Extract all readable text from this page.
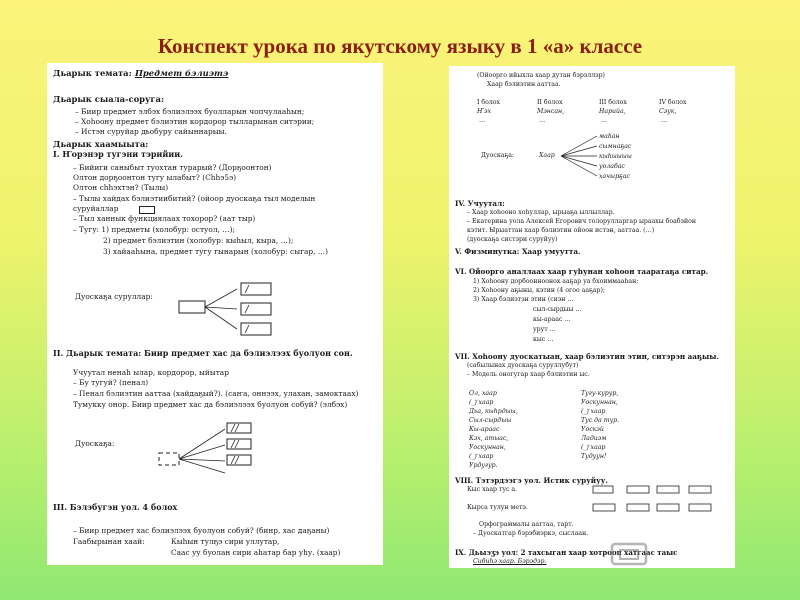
Конспект урока по якутскому языку в 1 «а» классе
Дьарык темата: Предмет бэлиэтэ
Дьарык сыала-соруга:
– Биир предмет элбэх бэлиэлээх буолларын чопчулааһын;
– Хоһоону предмет бэлиэтин кордорор тылларынан ситэрии;
– Истэн суруйар дьобуру сайыннарыы.
Дьарык хаамыыта:
I. Ҥорэнэр тугэни тэрийии.
– Бийиги саныбыт туохтан турарый? (Дорҕоонтон)
Олтон дорҕоонтон тугу ылабыт? (Сһһэ5э)
Олтон сһһэхтэн? (Тылы)
– Тылы хайдах бэлиэтиибитий? (ойоор дуоскаҕа тыл моделын
суруйаллар
– Тыл ханнык функциялаах тохорор? (аат тыр)
– Тугу: 1) предметы (холобур: остуол, …);
2) предмет бэлиэтин (холобур: кыһыл, кыра, …);
3) хайааһына, предмет тугу гынарын (холобур: сыгар, …)
Дуоскаҕа суруллар:
II. Дьарык темата: Биир предмет хас да бэлиэлээх буолуон сон.
Учуутал ненаһ ылар, кордорор, ыйытар
– Бу тугуй? (пенал)
– Пенал бэлиэтин ааттаа (хайдаҕый?). (саҥа, оннээх, улахан, замоктаах)
Тумукку онор. Биир предмет хас да бэлиэлээх буолуон собуй? (элбэх)
Дуоскаҕа:
III. Бэлэбугэн уол. 4 болох
– Биир предмет хас бэлиэлээх буолуон собуй? (бинр, хас даҕаны)
Гаабырынан хаай:	Кыһын тулҕэ сири уллутар,
Саас уу буолан сири аһатар бар уһу. (хаар)
(Ойоорго ийыхла хаар дутан бэрэллэр)
Хаар бэлиэтин ааттаа.
I болох	II болох	III болох	IV болох
Ҥэх	Мэнсан,	Нарийа,	Сэук,
…	…	…	…
Дуоскаҕа:	Хаар
маһан
сымнаҕас
кыһыыыы
уолабас
хачырҕас
IV. Учуутал:
– Хаар хоһооно хоһуллар, ырыаҕа ыллыллар.
– Екатерина уола Алексей Егорович толорулларгар ыраахы боабэйон
кэтит. Ырыаттан хаар бэлиэтин ойоон истэн, ааттаа. (…)
(дуоскаҕа систэри суруйуу)
V. Физминутка: Хаар умуутта.
VI. Ойоорго аналлаах хаар гуһунан хоһоон тааратаҕа ситар.
1) Хоһоону дорбоонноонох ааҕар уа бхоиммааһан;
2) Хоһоону аҕыны, кэтин (4 огоо ааҕар);
3) Хаар бэлиэтэн этин (сиэн …
сыл-сырдыы …
кы-араас …
урут …
кыс …
VII. Хоһоону дуоскатыан, хаар бэлиэтин этин, ситэрэн ааҕыы.
(сабылынах дуоскаҕа суруллубут)
– Модель оногугар хаар бэлиэтин ыс.
Ол, хаар
(_)҃ хаар
Дьа, кыһрдыы,
Сыл-сырдыы
Кы-араас
Кэх, атыас,
Уоскуннан,
(_)҃ хаар
Урдугур.
Тугу-курур,
Уоскуннан,
(_)҃ хаар
Тус да тур.
Уоскэй
Ладиэм
(_)҃ хаар
Тудуун!
VIII. Тэтэрдээгэ уол. Истик суруйуу.
Кыс хаар тус а.
Кырса тулун метэ.
Орфограммалы ааттаа, тарт.
– Дуоскатгар бэрэбиэркэ, сыслаан.
IX. Дьыэӡэ уол: 2 тахсыган хаар хотрооп хатгаас таыс
Сибиһэ хаар. Бэрэдэр.
